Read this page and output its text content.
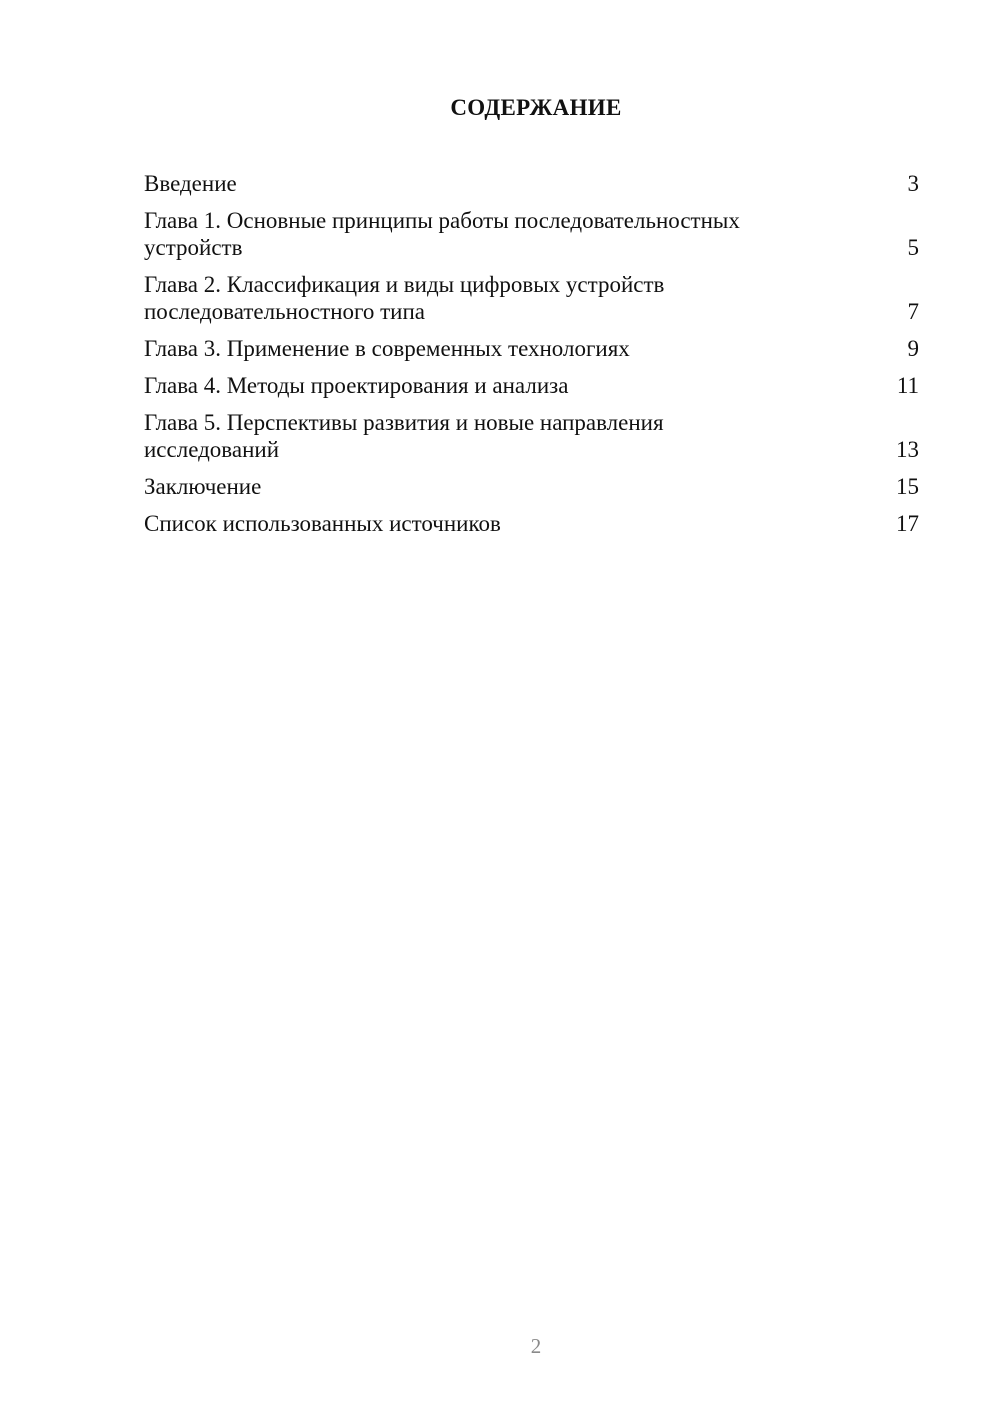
СОДЕРЖАНИЕ
Введение	3
Глава 1. Основные принципы работы последовательностных устройств	5
Глава 2. Классификация и виды цифровых устройств последовательностного типа	7
Глава 3. Применение в современных технологиях	9
Глава 4. Методы проектирования и анализа	11
Глава 5. Перспективы развития и новые направления исследований	13
Заключение	15
Список использованных источников	17
2
